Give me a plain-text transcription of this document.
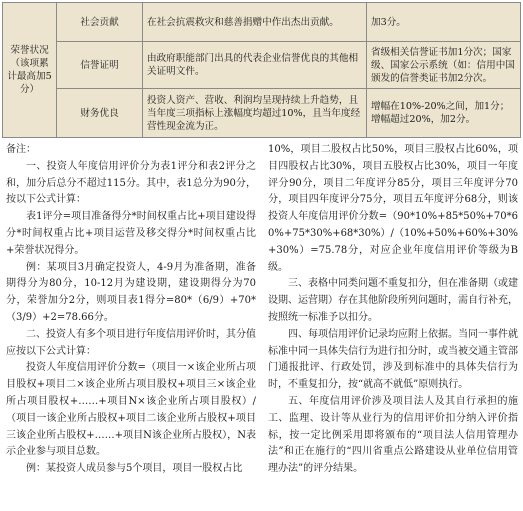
荣誉状况（该项累计最高加5分）	社会贡献	在社会抗震救灾和慈善捐赠中作出杰出贡献。	加3分。
	信誉证明	由政府职能部门出具的代表企业信誉优良的其他相关证明文件。	省级相关信誉证书加1分次；国家级、国家公示系统（如：信用中国颁发的信誉类证书加2分次。
	财务优良	投资人资产、营收、利润均呈现持续上升趋势，且当年度三项指标上涨幅度均超过10%，且当年度经营性现金流为正。	增幅在10%-20%之间，加1分；增幅超过20%，加2分。

备注：

一、投资人年度信用评价分为表1评分和表2评分之和，加分后总分不超过115分。其中，表1总分为90分，按以下公式计算：

表1评分=项目准备得分*时间权重占比+项目建设得分*时间权重占比+项目运营及移交得分*时间权重占比+荣誉状况得分。

例：某项目3月确定投资人，4-9月为准备期，准备期得分为80分，10-12月为建设期，建设期得分为70分，荣誉加分2分，则项目表1得分=80*（6/9）+70*（3/9）+2=78.66分。

二、投资人有多个项目进行年度信用评价时，其分值应按以下公式计算：

投资人年度信用评价分数=（项目一×该企业所占项目股权+项目二×该企业所占项目股权+项目三×该企业所占项目股权+……+项目N×该企业所占项目股权）/（项目一该企业所占股权+项目二该企业所占股权+项目三该企业所占股权+……+项目N该企业所占股权），N表示企业参与项目总数。

例：某投资人成员参与5个项目，项目一股权占比

10%，项目二股权占比50%，项目三股权占比60%，项目四股权占比30%，项目五股权占比30%，项目一年度评分90分，项目二年度评分85分，项目三年度评分70分，项目四年度评分75分，项目五年度评分68分，则该投资人年度信用评价分数=（90*10%+85*50%+70*60%+75*30%+68*30%）/（10%+50%+60%+30%+30%）=75.78分，对应企业年度信用评价等级为B级。

三、表格中同类问题不重复扣分，但在准备期（或建设期、运营期）存在其他阶段所列问题时，需自行补充，按照统一标准予以扣分。

四、每项信用评价记录均应附上依据。当同一事件就标准中同一具体失信行为进行扣分时，或当被交通主管部门通报批评、行政处罚，涉及到标准中的具体失信行为时，不重复扣分，按“就高不就低”原则执行。

五、年度信用评价涉及项目法人及其自行承担的施工、监理、设计等从业行为的信用评价扣分纳入评价指标，按一定比例采用即将颁布的“项目法人信用管理办法”和正在施行的“四川省重点公路建设从业单位信用管理办法”的评分结果。
